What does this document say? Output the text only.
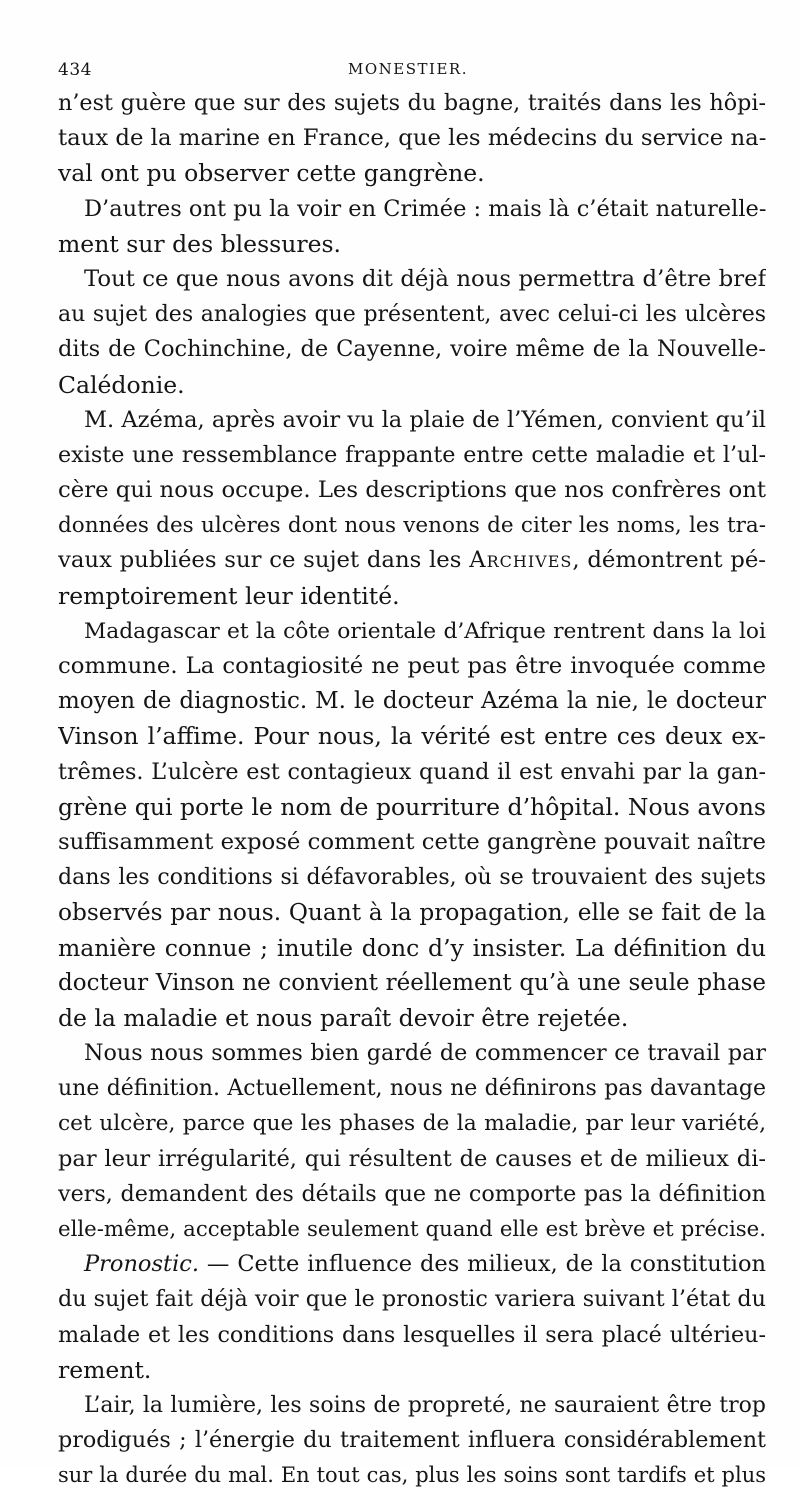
434	MONESTIER.
n’est guère que sur des sujets du bagne, traités dans les hôpi-
taux de la marine en France, que les médecins du service na-
val ont pu observer cette gangrène.
D’autres ont pu la voir en Crimée : mais là c’était naturelle-
ment sur des blessures.
Tout ce que nous avons dit déjà nous permettra d’être bref
au sujet des analogies que présentent, avec celui-ci les ulcères
dits de Cochinchine, de Cayenne, voire même de la Nouvelle-
Calédonie.
M. Azéma, après avoir vu la plaie de l’Yémen, convient qu’il
existe une ressemblance frappante entre cette maladie et l’ul-
cère qui nous occupe. Les descriptions que nos confrères ont
données des ulcères dont nous venons de citer les noms, les tra-
vaux publiées sur ce sujet dans les Archives, démontrent pé-
remptoirement leur identité.
Madagascar et la côte orientale d’Afrique rentrent dans la loi
commune. La contagiosité ne peut pas être invoquée comme
moyen de diagnostic. M. le docteur Azéma la nie, le docteur
Vinson l’affime. Pour nous, la vérité est entre ces deux ex-
trêmes. L’ulcère est contagieux quand il est envahi par la gan-
grène qui porte le nom de pourriture d’hôpital. Nous avons
suffisamment exposé comment cette gangrène pouvait naître
dans les conditions si défavorables, où se trouvaient des sujets
observés par nous. Quant à la propagation, elle se fait de la
manière connue ; inutile donc d’y insister. La définition du
docteur Vinson ne convient réellement qu’à une seule phase
de la maladie et nous paraît devoir être rejetée.
Nous nous sommes bien gardé de commencer ce travail par
une définition. Actuellement, nous ne définirons pas davantage
cet ulcère, parce que les phases de la maladie, par leur variété,
par leur irrégularité, qui résultent de causes et de milieux di-
vers, demandent des détails que ne comporte pas la définition
elle-même, acceptable seulement quand elle est brève et précise.
Pronostic. — Cette influence des milieux, de la constitution
du sujet fait déjà voir que le pronostic variera suivant l’état du
malade et les conditions dans lesquelles il sera placé ultérieu-
rement.
L’air, la lumière, les soins de propreté, ne sauraient être trop
prodigués ; l’énergie du traitement influera considérablement
sur la durée du mal. En tout cas, plus les soins sont tardifs et plus
